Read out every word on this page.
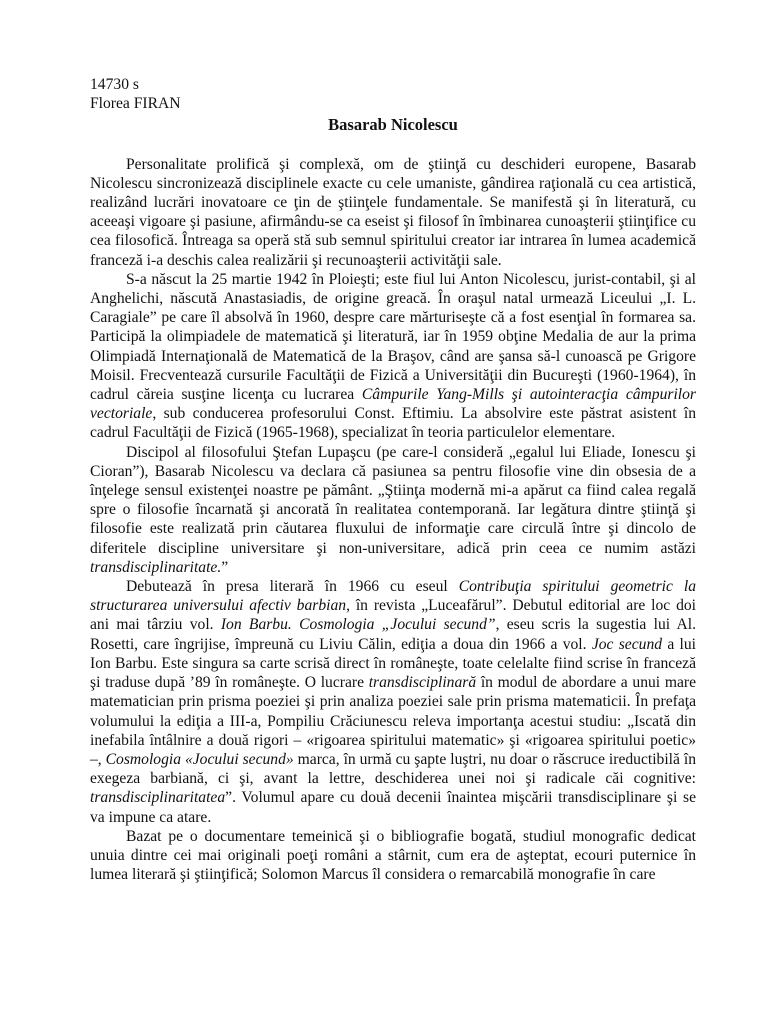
14730 s

Florea FIRAN

Basarab Nicolescu

Personalitate prolifică şi complexă, om de ştiinţă cu deschideri europene, Basarab Nicolescu sincronizează disciplinele exacte cu cele umaniste, gândirea raţională cu cea artistică, realizând lucrări inovatoare ce ţin de ştiinţele fundamentale. Se manifestă şi în literatură, cu aceeaşi vigoare şi pasiune, afirmându-se ca eseist şi filosof în îmbinarea cunoaşterii ştiinţifice cu cea filosofică. Întreaga sa operă stă sub semnul spiritului creator iar intrarea în lumea academică franceză i-a deschis calea realizării şi recunoaşterii activităţii sale.

S-a născut la 25 martie 1942 în Ploieşti; este fiul lui Anton Nicolescu, jurist-contabil, şi al Anghelichi, născută Anastasiadis, de origine greacă. În oraşul natal urmează Liceului „I. L. Caragiale” pe care îl absolvă în 1960, despre care mărturiseşte că a fost esenţial în formarea sa. Participă la olimpiadele de matematică şi literatură, iar în 1959 obţine Medalia de aur la prima Olimpiadă Internaţională de Matematică de la Braşov, când are şansa să-l cunoască pe Grigore Moisil. Frecventează cursurile Facultăţii de Fizică a Universităţii din Bucureşti (1960-1964), în cadrul căreia susţine licenţa cu lucrarea Câmpurile Yang-Mills şi autointeracţia câmpurilor vectoriale, sub conducerea profesorului Const. Eftimiu. La absolvire este păstrat asistent în cadrul Facultăţii de Fizică (1965-1968), specializat în teoria particulelor elementare.

Discipol al filosofului Ştefan Lupaşcu (pe care-l consideră „egalul lui Eliade, Ionescu şi Cioran”), Basarab Nicolescu va declara că pasiunea sa pentru filosofie vine din obsesia de a înţelege sensul existenţei noastre pe pământ. „Ştiinţa modernă mi-a apărut ca fiind calea regală spre o filosofie încarnată şi ancorată în realitatea contemporană. Iar legătura dintre ştiinţă şi filosofie este realizată prin căutarea fluxului de informaţie care circulă între şi dincolo de diferitele discipline universitare şi non-universitare, adică prin ceea ce numim astăzi transdisciplinaritate.”

Debutează în presa literară în 1966 cu eseul Contribuţia spiritului geometric la structurarea universului afectiv barbian, în revista „Luceafărul”. Debutul editorial are loc doi ani mai târziu vol. Ion Barbu. Cosmologia „Jocului secund”, eseu scris la sugestia lui Al. Rosetti, care îngrijise, împreună cu Liviu Călin, ediţia a doua din 1966 a vol. Joc secund a lui Ion Barbu. Este singura sa carte scrisă direct în româneşte, toate celelalte fiind scrise în franceză şi traduse după ’89 în româneşte. O lucrare transdisciplinară în modul de abordare a unui mare matematician prin prisma poeziei şi prin analiza poeziei sale prin prisma matematicii. În prefaţa volumului la ediţia a III-a, Pompiliu Crăciunescu releva importanţa acestui studiu: „Iscată din inefabila întâlnire a două rigori – «rigoarea spiritului matematic» şi «rigoarea spiritului poetic» –, Cosmologia «Jocului secund» marca, în urmă cu şapte luştri, nu doar o răscruce ireductibilă în exegeza barbiană, ci şi, avant la lettre, deschiderea unei noi şi radicale căi cognitive: transdisciplinaritatea”. Volumul apare cu două decenii înaintea mişcării transdisciplinare şi se va impune ca atare.

Bazat pe o documentare temeinică şi o bibliografie bogată, studiul monografic dedicat unuia dintre cei mai originali poeţi români a stârnit, cum era de aşteptat, ecouri puternice în lumea literară şi ştiinţifică; Solomon Marcus îl considera o remarcabilă monografie în care
